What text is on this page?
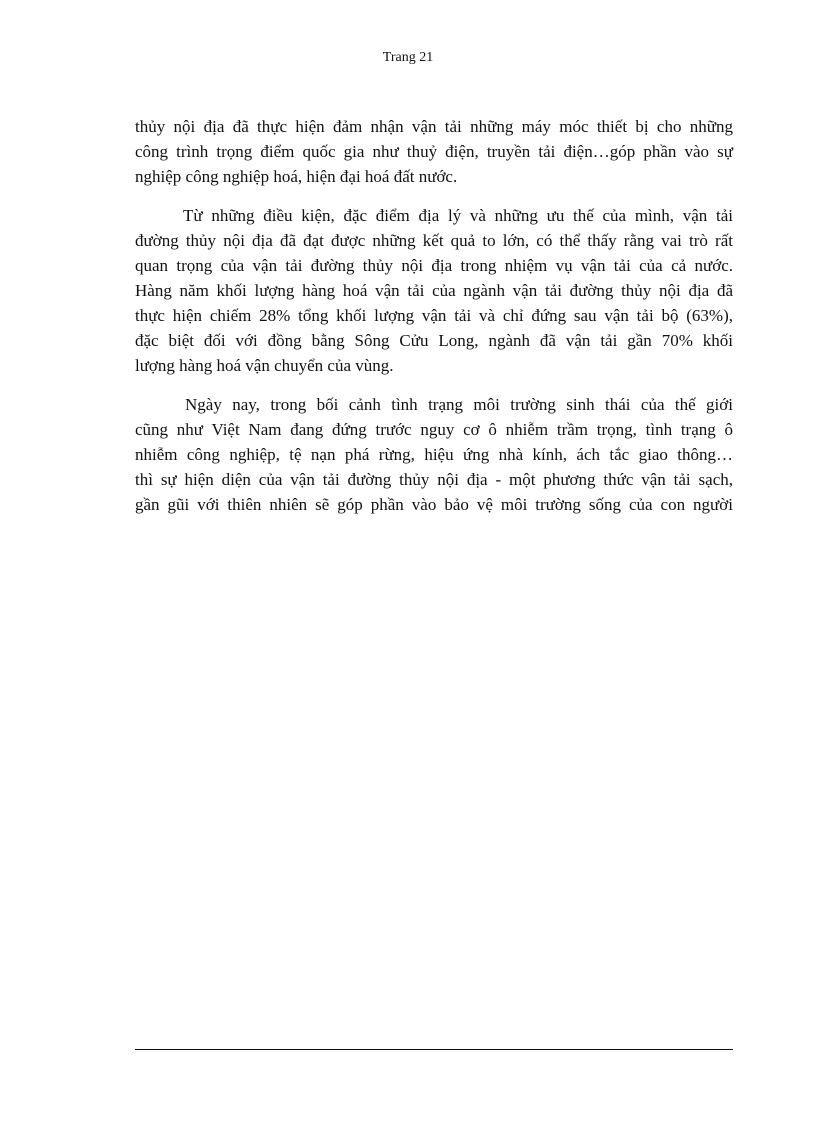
Trang 21

thủy nội địa đã thực hiện đảm nhận vận tải những máy móc thiết bị cho những
công trình trọng điểm quốc gia như thuỷ điện, truyền tải điện…góp phần vào sự
nghiệp công nghiệp hoá, hiện đại hoá đất nước.

Từ những điều kiện, đặc điểm địa lý và những ưu thế của mình, vận tải
đường thủy nội địa đã đạt được những kết quả to lớn, có thể thấy rằng vai trò rất
quan trọng của vận tải đường thủy nội địa trong nhiệm vụ vận tải của cả nước.
Hàng năm khối lượng hàng hoá vận tải của ngành vận tải đường thủy nội địa đã
thực hiện chiếm 28% tổng khối lượng vận tải và chỉ đứng sau vận tải bộ (63%),
đặc biệt đối với đồng bằng Sông Cửu Long, ngành đã vận tải gần 70% khối
lượng hàng hoá vận chuyển của vùng.

Ngày nay, trong bối cảnh tình trạng môi trường sinh thái của thế giới
cũng như Việt Nam đang đứng trước nguy cơ ô nhiễm trầm trọng, tình trạng ô
nhiễm công nghiệp, tệ nạn phá rừng, hiệu ứng nhà kính, ách tắc giao thông…
thì sự hiện diện của vận tải đường thủy nội địa - một phương thức vận tải sạch,
gần gũi với thiên nhiên sẽ góp phần vào bảo vệ môi trường sống của con người
